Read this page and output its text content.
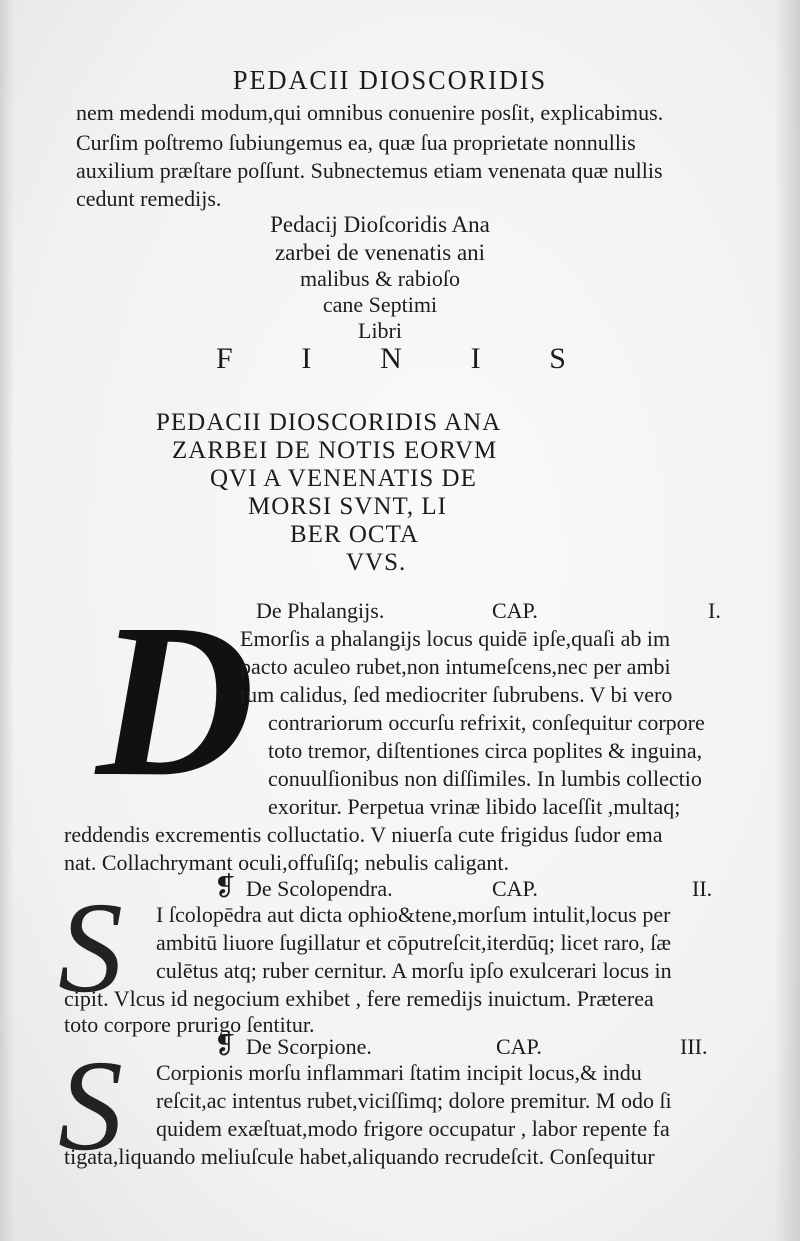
PEDACII DIOSCORIDIS
nem medendi modum,qui omnibus conuenire posſit, explicabimus.
Curſim poſtremo ſubiungemus ea, quæ ſua proprietate nonnullis
auxilium præſtare poſſunt. Subnectemus etiam venenata quæ nullis
cedunt remedijs.
Pedacij Dioſcoridis Ana
zarbei de venenatis ani
malibus & rabioſo
cane Septimi
Libri
F I N I S
PEDACII DIOSCORIDIS ANA
ZARBEI DE NOTIS EORVM
QVI A VENENATIS DE
MORSI SVNT, LI
BER OCTA
VVS.
De Phalangijs.	CAP.	I.
D
Emorſis a phalangijs locus quidē ipſe,quaſi ab im
pacto aculeo rubet,non intumeſcens,nec per ambi
tum calidus, ſed mediocriter ſubrubens. V bi vero
contrariorum occurſu refrixit, conſequitur corpore
toto tremor, diſtentiones circa poplites & inguina,
conuulſionibus non diſſimiles. In lumbis collectio
exoritur. Perpetua vrinæ libido laceſſit ,multaq;
reddendis excrementis colluctatio. V niuerſa cute frigidus ſudor ema
nat. Collachrymant oculi,offuſiſq; nebulis caligant.
❡ De Scolopendra.	CAP.	II.
S I ſcolopēdra aut dicta ophio&tene,morſum intulit,locus per
ambitū liuore ſugillatur et cōputreſcit,iterdūq; licet raro, ſæ
culētus atq; ruber cernitur. A morſu ipſo exulcerari locus in
cipit. Vlcus id negocium exhibet , fere remedijs inuictum. Præterea
toto corpore prurigo ſentitur.
❡ De Scorpione.	CAP.	III.
S Corpionis morſu inflammari ſtatim incipit locus,& indu
reſcit,ac intentus rubet,viciſſimq; dolore premitur. M odo ſi
quidem exæſtuat,modo frigore occupatur , labor repente fa
tigata,liquando meliuſcule habet,aliquando recrudeſcit. Conſequitur
